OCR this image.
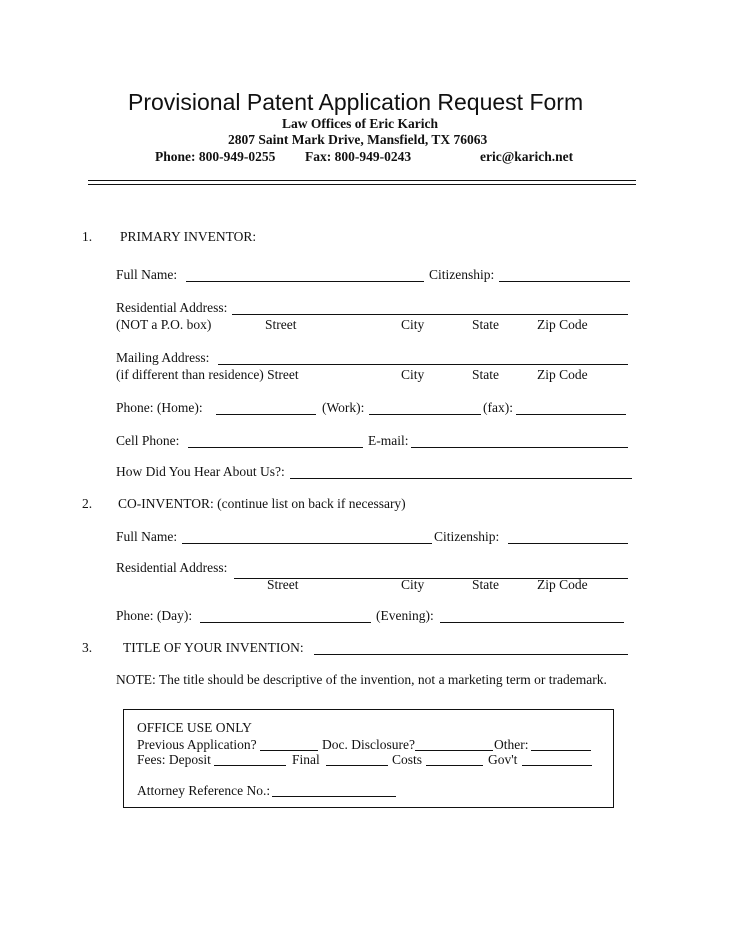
Provisional Patent Application Request Form
Law Offices of Eric Karich
2807 Saint Mark Drive, Mansfield, TX 76063
Phone: 800-949-0255 Fax: 800-949-0243	eric@karich.net
1. PRIMARY INVENTOR:
Full Name:	Citizenship:
Residential Address:
(NOT a P.O. box)	Street	City	State	Zip Code
Mailing Address:
(if different than residence) Street	City	State	Zip Code
Phone: (Home):	(Work):	(fax):
Cell Phone:	E-mail:
How Did You Hear About Us?:
2. CO-INVENTOR: (continue list on back if necessary)
Full Name:	Citizenship:
Residential Address:
Street	City	State	Zip Code
Phone: (Day):	(Evening):
3. TITLE OF YOUR INVENTION:
NOTE: The title should be descriptive of the invention, not a marketing term or trademark.
OFFICE USE ONLY
Previous Application?	Doc. Disclosure?	Other:
Fees: Deposit	Final	Costs	Gov't
Attorney Reference No.:
